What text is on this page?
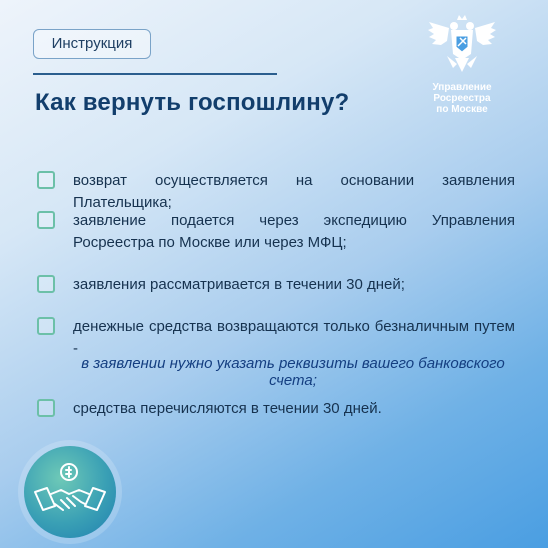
Инструкция
Как вернуть госпошлину?
Управление Росреестра
по Москве
возврат осуществляется на основании заявления Плательщика;
заявление подается через экспедицию Управления Росреестра по Москве или через МФЦ;
заявления рассматривается в течении 30 дней;
денежные средства возвращаются только безналичным путем -
в заявлении нужно указать реквизиты вашего банковского счета;
средства перечисляются в течении 30 дней.
